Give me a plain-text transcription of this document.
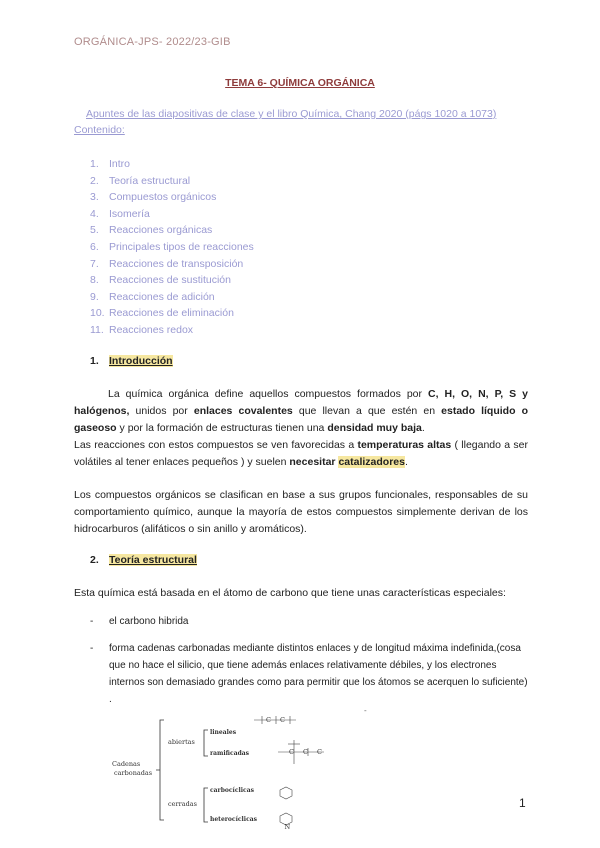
ORGÁNICA-JPS- 2022/23-GIB
TEMA 6- QUÍMICA ORGÁNICA
Apuntes de las diapositivas de clase y el libro Química, Chang 2020 (págs 1020 a 1073)
Contenido:
1. Intro
2. Teoría estructural
3. Compuestos orgánicos
4. Isomería
5. Reacciones orgánicas
6. Principales tipos de reacciones
7. Reacciones de transposición
8. Reacciones de sustitución
9. Reacciones de adición
10. Reacciones de eliminación
11. Reacciones redox
1. Introducción
La química orgánica define aquellos compuestos formados por C, H, O, N, P, S y halógenos, unidos por enlaces covalentes que llevan a que estén en estado líquido o gaseoso y por la formación de estructuras tienen una densidad muy baja.
Las reacciones con estos compuestos se ven favorecidas a temperaturas altas ( llegando a ser volátiles al tener enlaces pequeños ) y suelen necesitar catalizadores.
Los compuestos orgánicos se clasifican en base a sus grupos funcionales, responsables de su comportamiento químico, aunque la mayoría de estos compuestos simplemente derivan de los hidrocarburos (alifáticos o sin anillo y aromáticos).
2. Teoría estructural
Esta química está basada en el átomo de carbono que tiene unas características especiales:
- el carbono hibrida
- forma cadenas carbonadas mediante distintos enlaces y de longitud máxima indefinida,(cosa que no hace el silicio, que tiene además enlaces relativamente débiles, y los electrones internos son demasiado grandes como para permitir que los átomos se acerquen lo suficiente) .
-
Cadenas
carbonadas
abiertas
cerradas
lineales
ramificadas
carbocíclicas
heterocíclicas
C C
C C C
N
1
